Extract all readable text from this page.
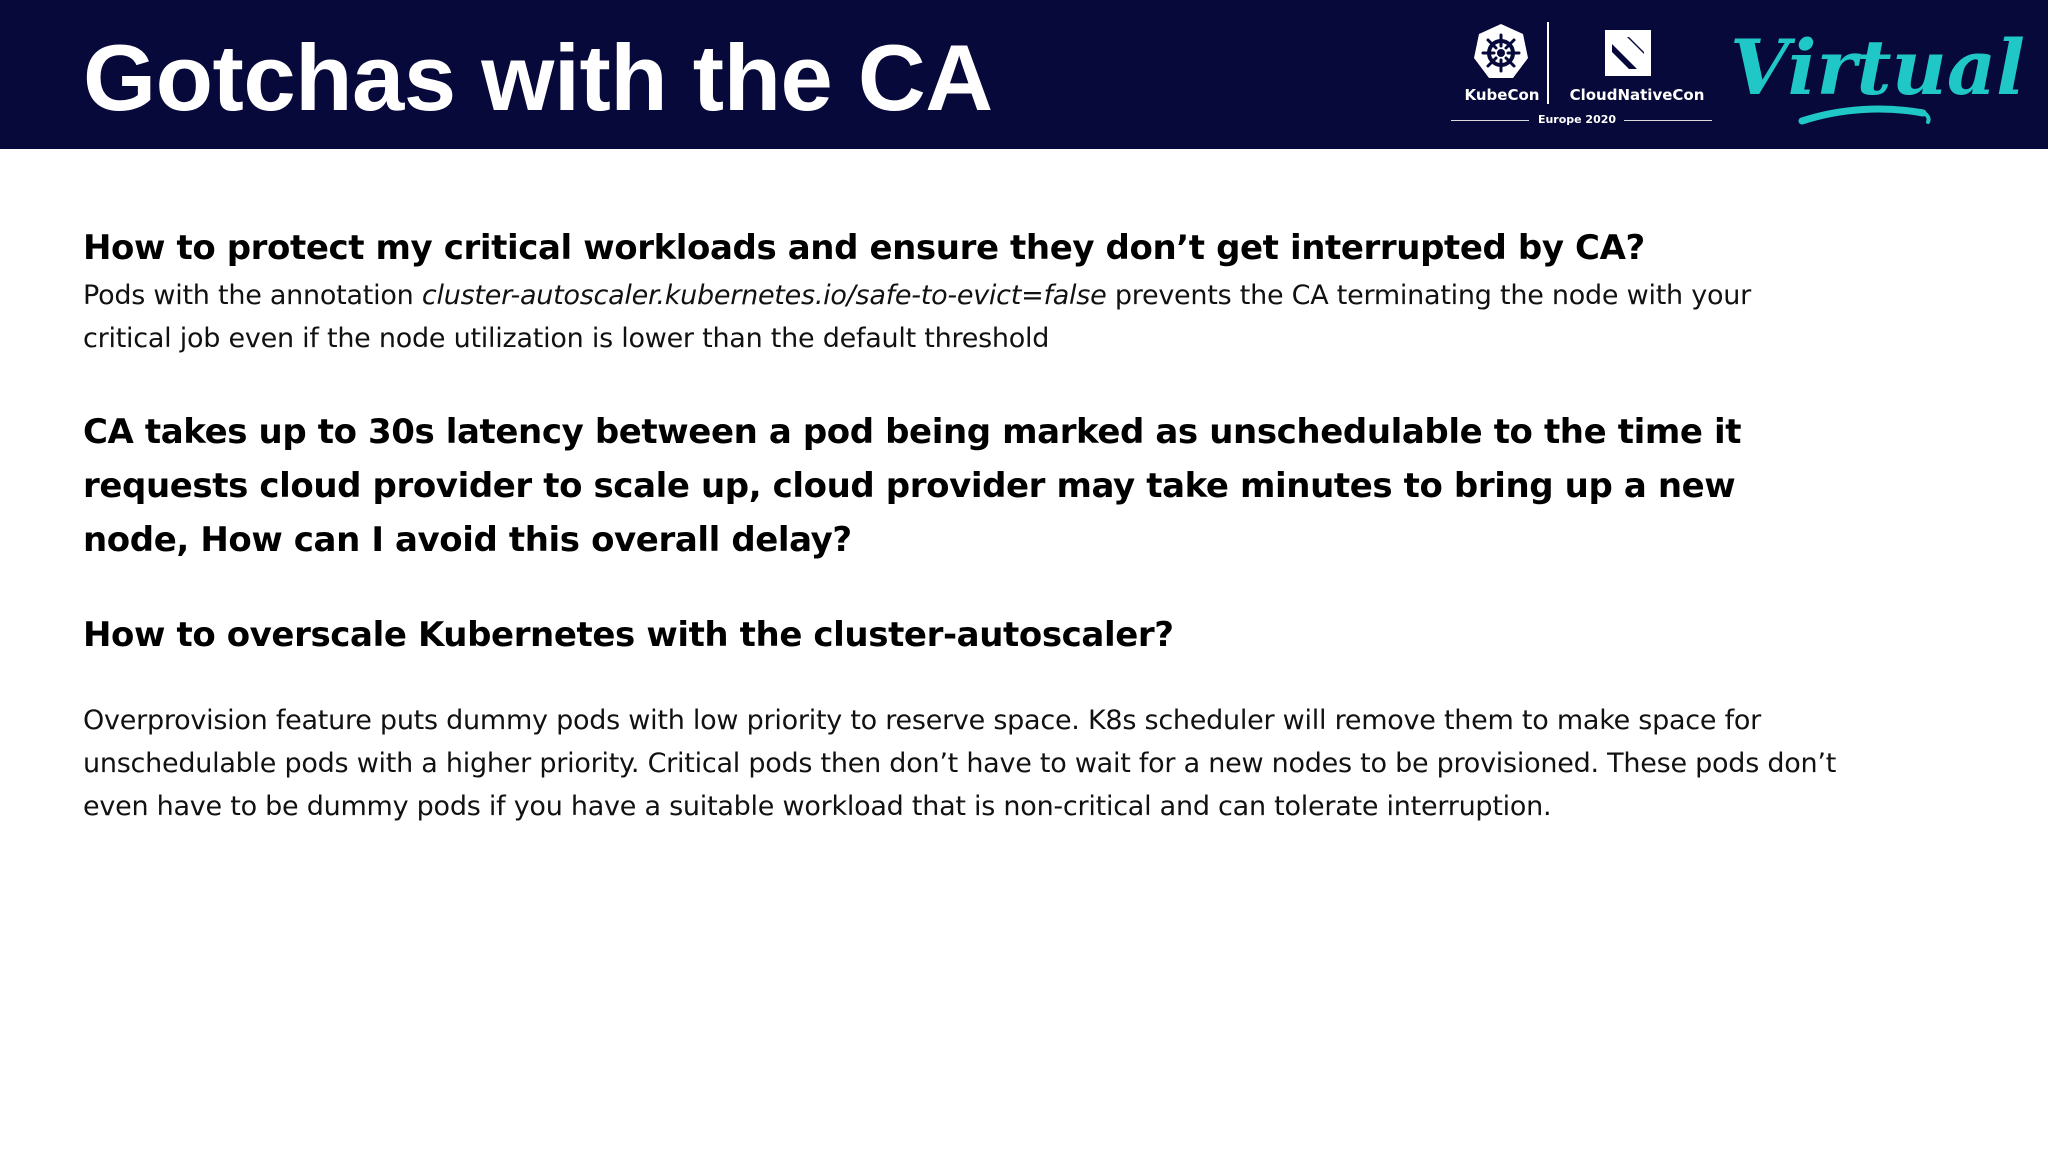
Gotchas with the CA	KubeCon	CloudNativeCon
Europe 2020
Virtual
How to protect my critical workloads and ensure they don’t get interrupted by CA?

Pods with the annotation cluster-autoscaler.kubernetes.io/safe-to-evict=false prevents the CA terminating the node with your critical job even if the node utilization is lower than the default threshold

CA takes up to 30s latency between a pod being marked as unschedulable to the time it requests cloud provider to scale up, cloud provider may take minutes to bring up a new node, How can I avoid this overall delay?
How to overscale Kubernetes with the cluster-autoscaler?

Overprovision feature puts dummy pods with low priority to reserve space. K8s scheduler will remove them to make space for unschedulable pods with a higher priority. Critical pods then don’t have to wait for a new nodes to be provisioned. These pods don’t even have to be dummy pods if you have a suitable workload that is non-critical and can tolerate interruption.
